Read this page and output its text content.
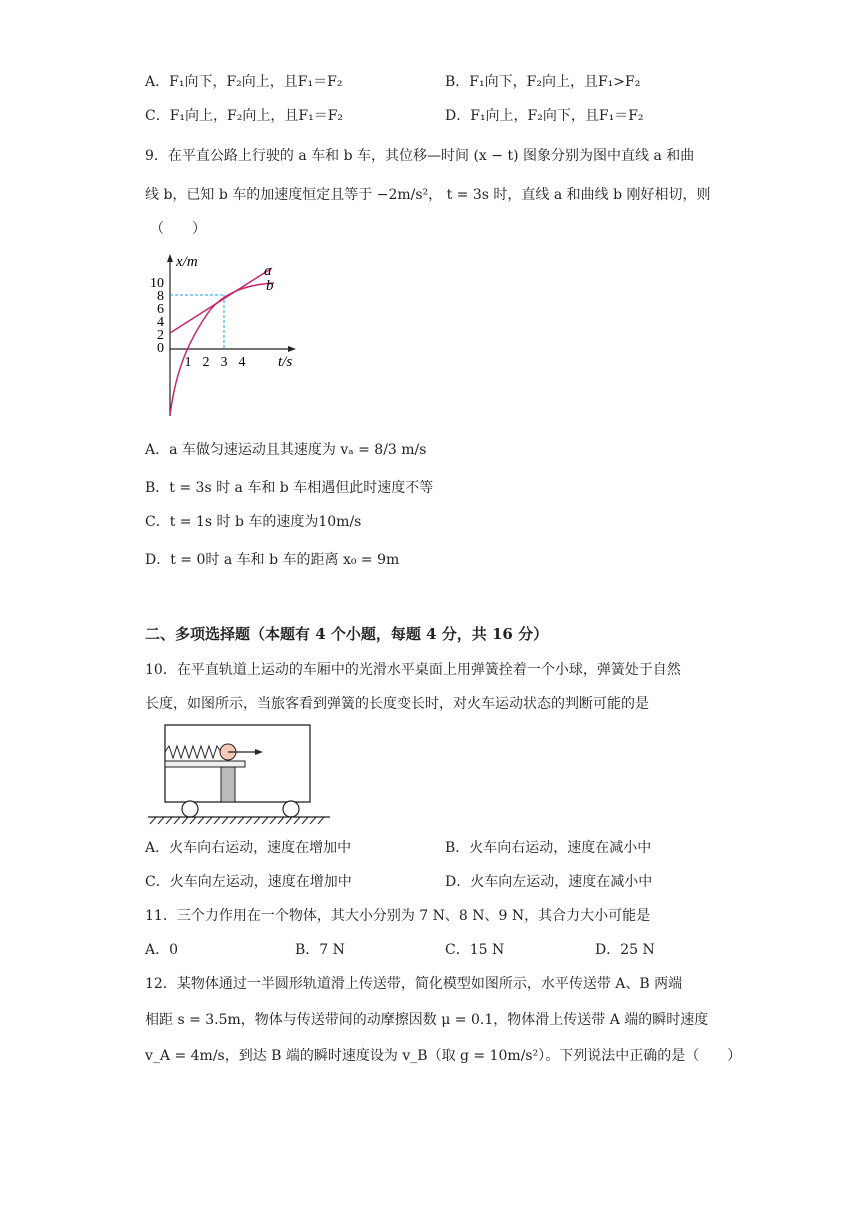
A．F₁向下，F₂向上，且F₁＝F₂	B．F₁向下，F₂向上，且F₁>F₂
C．F₁向上，F₂向上，且F₁＝F₂	D．F₁向上，F₂向下，且F₁＝F₂
9．在平直公路上行驶的 a 车和 b 车，其位移—时间 (x − t) 图象分别为图中直线 a 和曲
线 b，已知 b 车的加速度恒定且等于 −2m/s²， t = 3s 时，直线 a 和曲线 b 刚好相切，则
（　　）
x/m
t/s
a
b
10
8
6
4
2
0
1 2 3 4
A．a 车做匀速运动且其速度为 vₐ = 8/3 m/s
B．t = 3s 时 a 车和 b 车相遇但此时速度不等
C．t = 1s 时 b 车的速度为10m/s
D．t = 0时 a 车和 b 车的距离 x₀ = 9m
二、多项选择题（本题有 4 个小题，每题 4 分，共 16 分）
10．在平直轨道上运动的车厢中的光滑水平桌面上用弹簧拴着一个小球，弹簧处于自然
长度，如图所示，当旅客看到弹簧的长度变长时，对火车运动状态的判断可能的是
A．火车向右运动，速度在增加中	B．火车向右运动，速度在减小中
C．火车向左运动，速度在增加中	D．火车向左运动，速度在减小中
11．三个力作用在一个物体，其大小分别为 7 N、8 N、9 N，其合力大小可能是
A．0	B．7 N	C．15 N	D．25 N
12．某物体通过一半圆形轨道滑上传送带，简化模型如图所示，水平传送带 A、B 两端
相距 s = 3.5m，物体与传送带间的动摩擦因数 μ = 0.1，物体滑上传送带 A 端的瞬时速度
v_A = 4m/s，到达 B 端的瞬时速度设为 v_B（取 g = 10m/s²）。下列说法中正确的是（　　）
